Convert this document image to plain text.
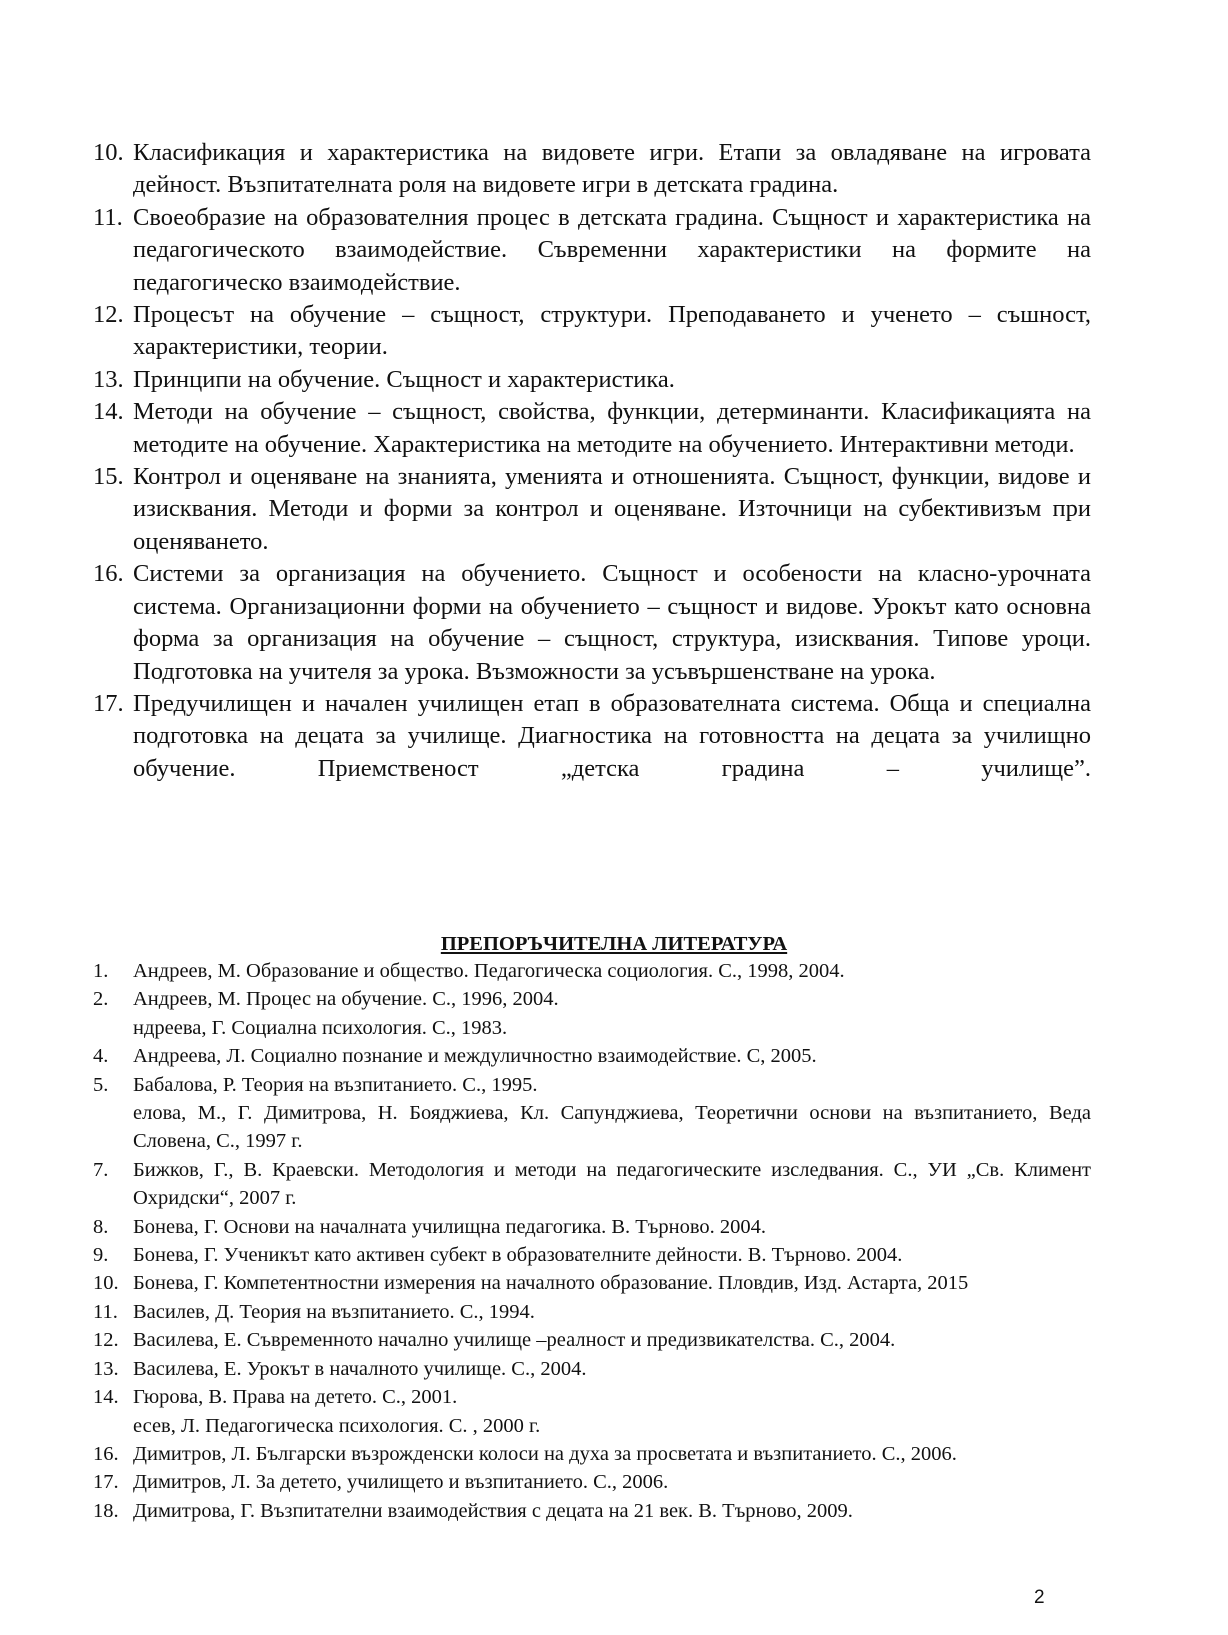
10. Класификация и характеристика на видовете игри. Етапи за овладяване на игровата дейност. Възпитателната роля на видовете игри в детската градина.
11. Своеобразие на образователния процес в детската градина. Същност и характеристика на педагогическото взаимодействие. Съвременни характеристики на формите на педагогическо взаимодействие.
12. Процесът на обучение – същност, структури. Преподаването и ученето – съшност, характеристики, теории.
13. Принципи на обучение. Същност и характеристика.
14. Методи на обучение – същност, свойства, функции, детерминанти. Класификацията на методите на обучение. Характеристика на методите на обучението. Интерактивни методи.
15. Контрол и оценяване на знанията, уменията и отношенията. Същност, функции, видове и изисквания. Методи и форми за контрол и оценяване. Източници на субективизъм при оценяването.
16. Системи за организация на обучението. Същност и особености на класно-урочната система. Организационни форми на обучението – същност и видове. Урокът като основна форма за организация на обучение – същност, структура, изисквания. Типове уроци. Подготовка на учителя за урока. Възможности за усъвършенстване на урока.
17. Предучилищен и начален училищен етап в образователната система. Обща и специална подготовка на децата за училище. Диагностика на готовността на децата за училищно обучение. Приемственост „детска градина – училище”.
ПРЕПОРЪЧИТЕЛНА ЛИТЕРАТУРА
1.	Андреев, М. Образование и общество. Педагогическа социология. С., 1998, 2004.
2.	Андреев, М. Процес на обучение. С., 1996, 2004.
ндреева, Г. Социална психология. С., 1983.
4.	Андреева, Л. Социално познание и междуличностно взаимодействие. С, 2005.
5.	Бабалова, Р. Теория на възпитанието. С., 1995.
елова, М., Г. Димитрова, Н. Бояджиева, Кл. Сапунджиева, Теоретични основи на възпитанието, Веда Словена, С., 1997 г.
7.	Бижков, Г., В. Краевски. Методология и методи на педагогическите изследвания. С., УИ „Св. Климент Охридски“, 2007 г.
8.	Бонева, Г. Основи на началната училищна педагогика. В. Търново. 2004.
9.	Бонева, Г. Ученикът като активен субект в образователните дейности. В. Търново. 2004.
10. Бонева, Г. Компетентностни измерения на началното образование. Пловдив, Изд. Астарта, 2015
11. Василев, Д. Теория на възпитанието. С., 1994.
12. Василева, Е. Съвременното начално училище –реалност и предизвикателства. С., 2004.
13. Василева, Е. Урокът в началното училище. С., 2004.
14. Гюрова, В. Права на детето. С., 2001.
есев, Л. Педагогическа психология. С. , 2000 г.
16. Димитров, Л. Български възрожденски колоси на духа за просветата и възпитанието. С., 2006.
17. Димитров, Л. За детето, училището и възпитанието. С., 2006.
18. Димитрова, Г. Възпитателни взаимодействия с децата на 21 век. В. Търново, 2009.
2
